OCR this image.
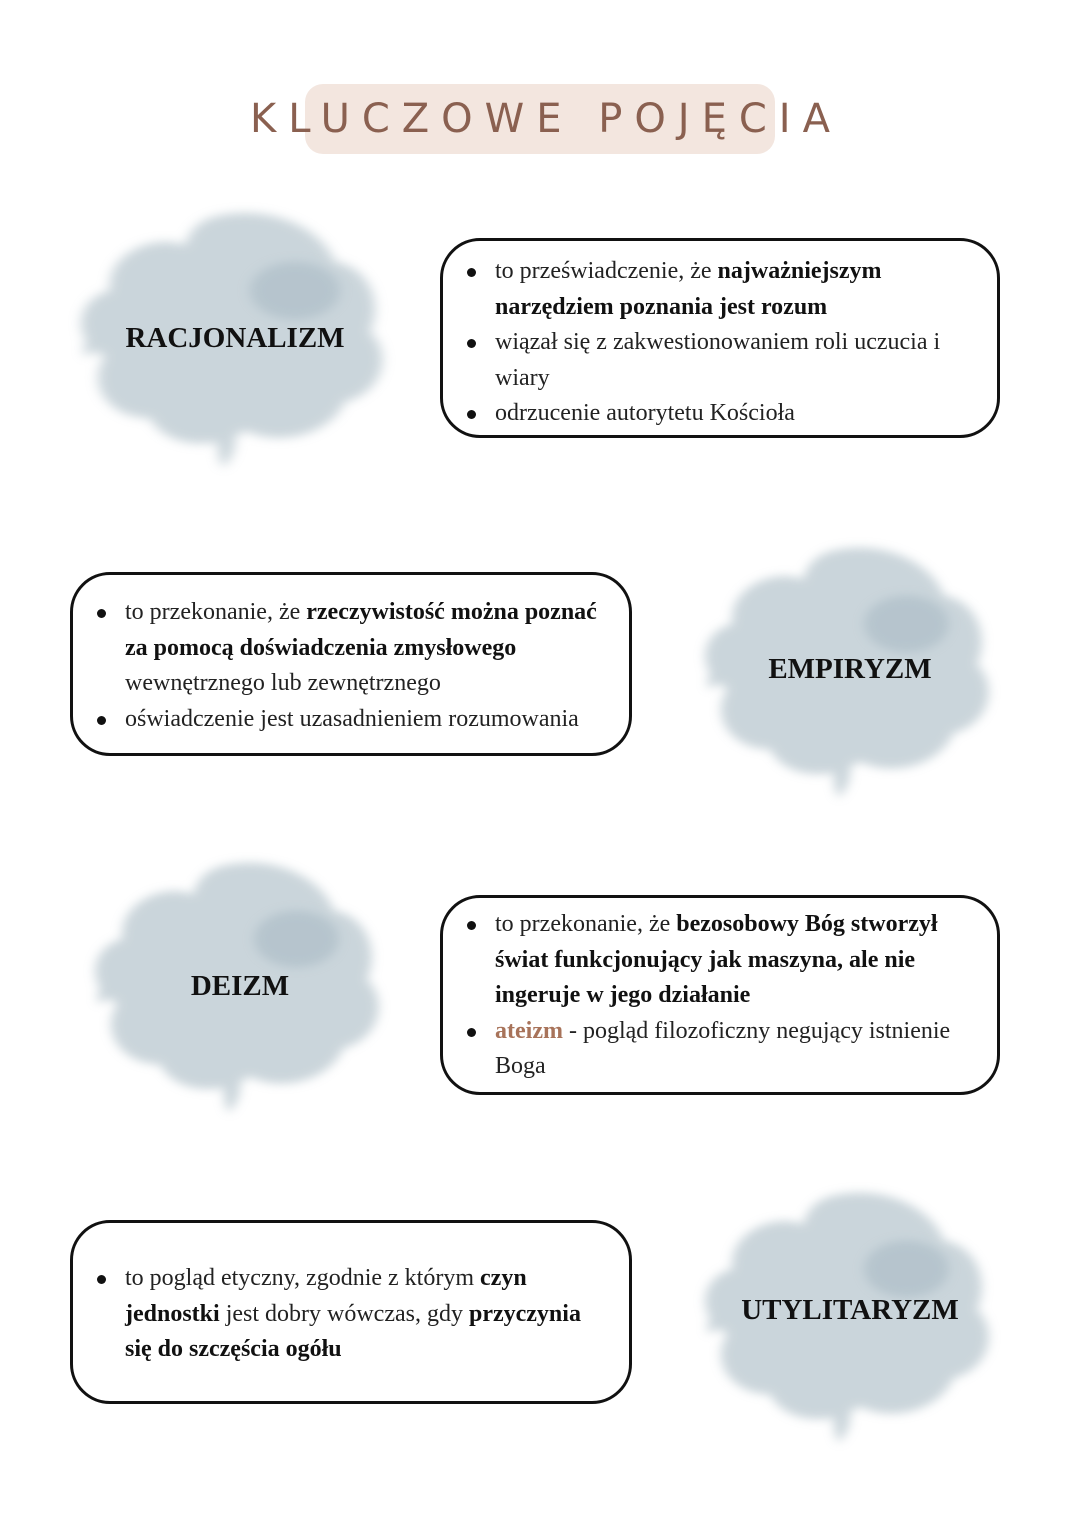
KLUCZOWE POJĘCIA
RACJONALIZM
to przeświadczenie, że najważniejszym narzędziem poznania jest rozum
wiązał się z zakwestionowaniem roli uczucia i wiary
odrzucenie autorytetu Kościoła
to przekonanie, że rzeczywistość można poznać za pomocą doświadczenia zmysłowego wewnętrznego lub zewnętrznego
oświadczenie jest uzasadnieniem rozumowania
EMPIRYZM
DEIZM
to przekonanie, że bezosobowy Bóg stworzył świat funkcjonujący jak maszyna, ale nie ingeruje w jego działanie
ateizm - pogląd filozoficzny negujący istnienie Boga
to pogląd etyczny, zgodnie z którym czyn jednostki jest dobry wówczas, gdy przyczynia się do szczęścia ogółu
UTYLITARYZM
